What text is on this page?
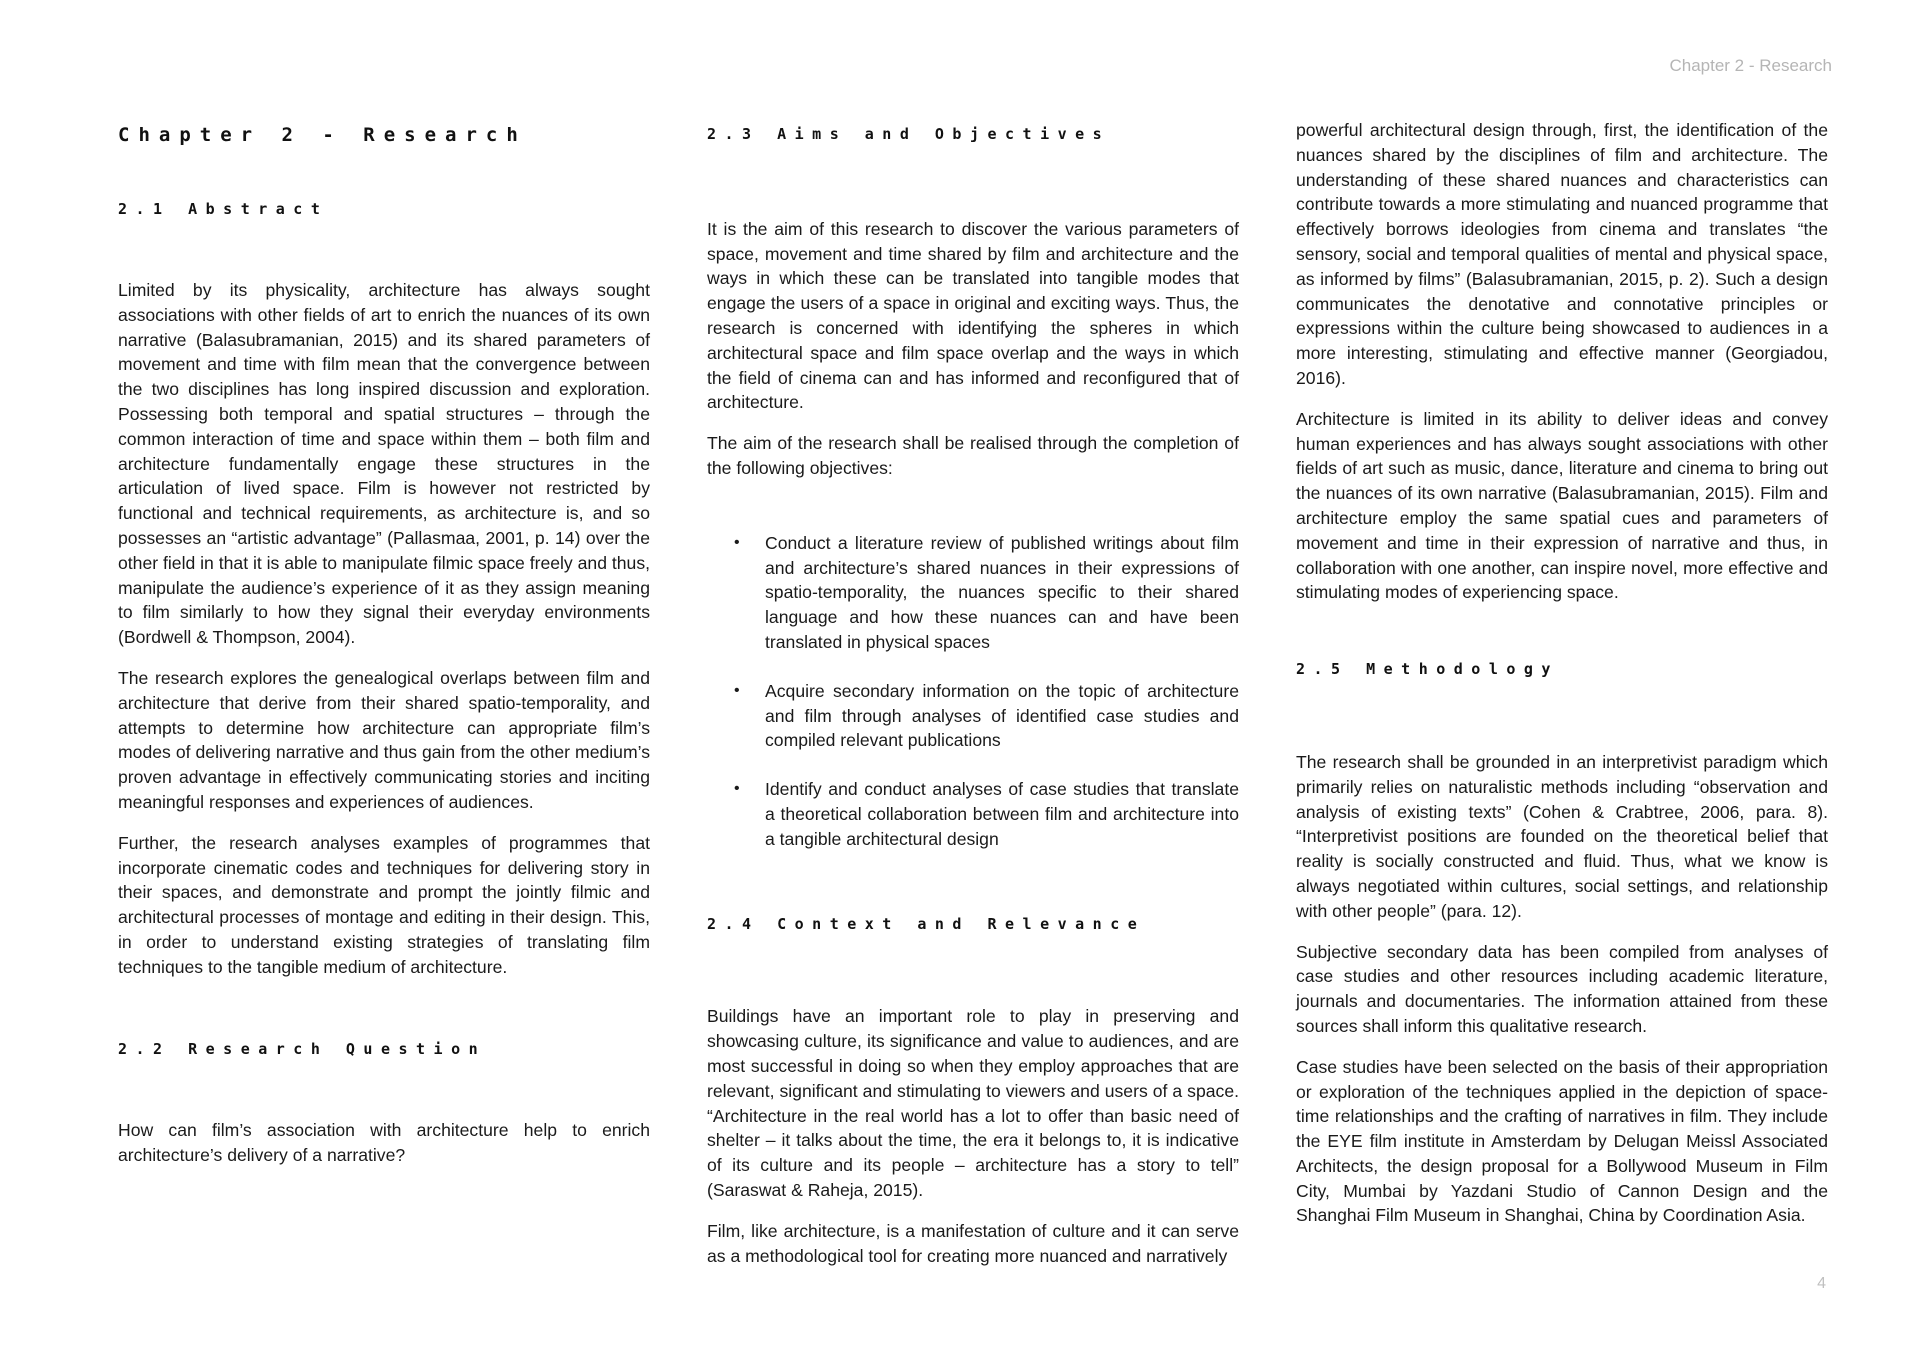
Chapter 2 - Research
Chapter 2 - Research
2.1 Abstract

Limited by its physicality, architecture has always sought associations with other fields of art to enrich the nuances of its own narrative (Balasubramanian, 2015) and its shared parameters of movement and time with film mean that the convergence between the two disciplines has long inspired discussion and exploration. Possessing both temporal and spatial structures – through the common interaction of time and space within them – both film and architecture fundamentally engage these structures in the articulation of lived space. Film is however not restricted by functional and technical requirements, as architecture is, and so possesses an “artistic advantage” (Pallasmaa, 2001, p. 14) over the other field in that it is able to manipulate filmic space freely and thus, manipulate the audience’s experience of it as they assign meaning to film similarly to how they signal their everyday environments (Bordwell & Thompson, 2004).

The research explores the genealogical overlaps between film and architecture that derive from their shared spatio-temporality, and attempts to determine how architecture can appropriate film’s modes of delivering narrative and thus gain from the other medium’s proven advantage in effectively communicating stories and inciting meaningful responses and experiences of audiences.

Further, the research analyses examples of programmes that incorporate cinematic codes and techniques for delivering story in their spaces, and demonstrate and prompt the jointly filmic and architectural processes of montage and editing in their design. This, in order to understand existing strategies of translating film techniques to the tangible medium of architecture.

2.2 Research Question

How can film’s association with architecture help to enrich architecture’s delivery of a narrative?

2.3 Aims and Objectives

It is the aim of this research to discover the various parameters of space, movement and time shared by film and architecture and the ways in which these can be translated into tangible modes that engage the users of a space in original and exciting ways. Thus, the research is concerned with identifying the spheres in which architectural space and film space overlap and the ways in which the field of cinema can and has informed and reconfigured that of architecture.

The aim of the research shall be realised through the completion of the following objectives:

• Conduct a literature review of published writings about film and architecture’s shared nuances in their expressions of spatio-temporality, the nuances specific to their shared language and how these nuances can and have been translated in physical spaces
• Acquire secondary information on the topic of architecture and film through analyses of identified case studies and compiled relevant publications
• Identify and conduct analyses of case studies that translate a theoretical collaboration between film and architecture into a tangible architectural design
2.4 Context and Relevance

Buildings have an important role to play in preserving and showcasing culture, its significance and value to audiences, and are most successful in doing so when they employ approaches that are relevant, significant and stimulating to viewers and users of a space. “Architecture in the real world has a lot to offer than basic need of shelter – it talks about the time, the era it belongs to, it is indicative of its culture and its people – architecture has a story to tell” (Saraswat & Raheja, 2015).

Film, like architecture, is a manifestation of culture and it can serve as a methodological tool for creating more nuanced and narratively

powerful architectural design through, first, the identification of the nuances shared by the disciplines of film and architecture. The understanding of these shared nuances and characteristics can contribute towards a more stimulating and nuanced programme that effectively borrows ideologies from cinema and translates “the sensory, social and temporal qualities of mental and physical space, as informed by films” (Balasubramanian, 2015, p. 2). Such a design communicates the denotative and connotative principles or expressions within the culture being showcased to audiences in a more interesting, stimulating and effective manner (Georgiadou, 2016).

Architecture is limited in its ability to deliver ideas and convey human experiences and has always sought associations with other fields of art such as music, dance, literature and cinema to bring out the nuances of its own narrative (Balasubramanian, 2015). Film and architecture employ the same spatial cues and parameters of movement and time in their expression of narrative and thus, in collaboration with one another, can inspire novel, more effective and stimulating modes of experiencing space.

2.5 Methodology

The research shall be grounded in an interpretivist paradigm which primarily relies on naturalistic methods including “observation and analysis of existing texts” (Cohen & Crabtree, 2006, para. 8). “Interpretivist positions are founded on the theoretical belief that reality is socially constructed and fluid. Thus, what we know is always negotiated within cultures, social settings, and relationship with other people” (para. 12).

Subjective secondary data has been compiled from analyses of case studies and other resources including academic literature, journals and documentaries. The information attained from these sources shall inform this qualitative research.

Case studies have been selected on the basis of their appropriation or exploration of the techniques applied in the depiction of space-time relationships and the crafting of narratives in film. They include the EYE film institute in Amsterdam by Delugan Meissl Associated Architects, the design proposal for a Bollywood Museum in Film City, Mumbai by Yazdani Studio of Cannon Design and the Shanghai Film Museum in Shanghai, China by Coordination Asia.

4
